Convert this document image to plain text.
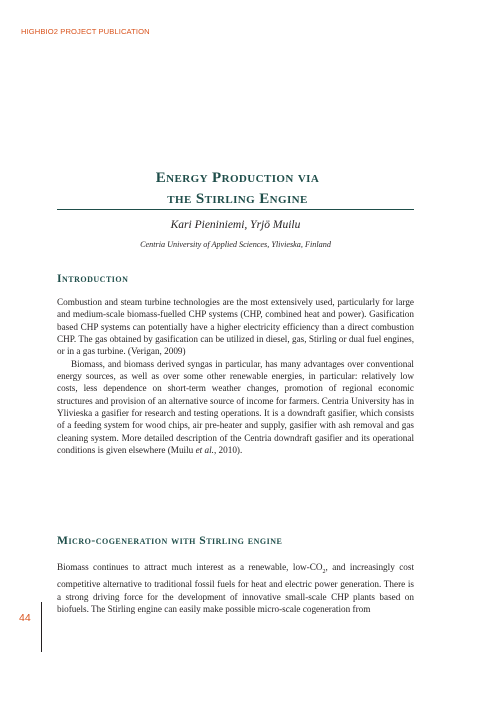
HIGHBIO2 PROJECT PUBLICATION
Energy Production via
the Stirling Engine
Kari Pieniniemi, Yrjö Muilu
Centria University of Applied Sciences, Ylivieska, Finland
Introduction

Combustion and steam turbine technologies are the most extensively used, particularly for large and medium-scale biomass-fuelled CHP systems (CHP, combined heat and power). Gasification based CHP systems can potentially have a higher electricity efficiency than a direct combustion CHP. The gas obtained by gasification can be utilized in diesel, gas, Stirling or dual fuel engines, or in a gas turbine. (Verigan, 2009)

Biomass, and biomass derived syngas in particular, has many advantages over conventional energy sources, as well as over some other renewable energies, in particular: relatively low costs, less dependence on short-term weather changes, promotion of regional economic structures and provision of an alternative source of income for farmers. Centria University has in Ylivieska a gasifier for research and testing operations. It is a downdraft gasifier, which consists of a feeding system for wood chips, air pre-heater and supply, gasifier with ash removal and gas cleaning system. More detailed description of the Centria downdraft gasifier and its operational conditions is given elsewhere (Muilu et al., 2010).

Micro-cogeneration with Stirling engine

Biomass continues to attract much interest as a renewable, low-$CO_2$, and increasingly cost competitive alternative to traditional fossil fuels for heat and electric power generation. There is a strong driving force for the development of innovative small-scale CHP plants based on biofuels. The Stirling engine can easily make possible micro-scale cogeneration from

44
